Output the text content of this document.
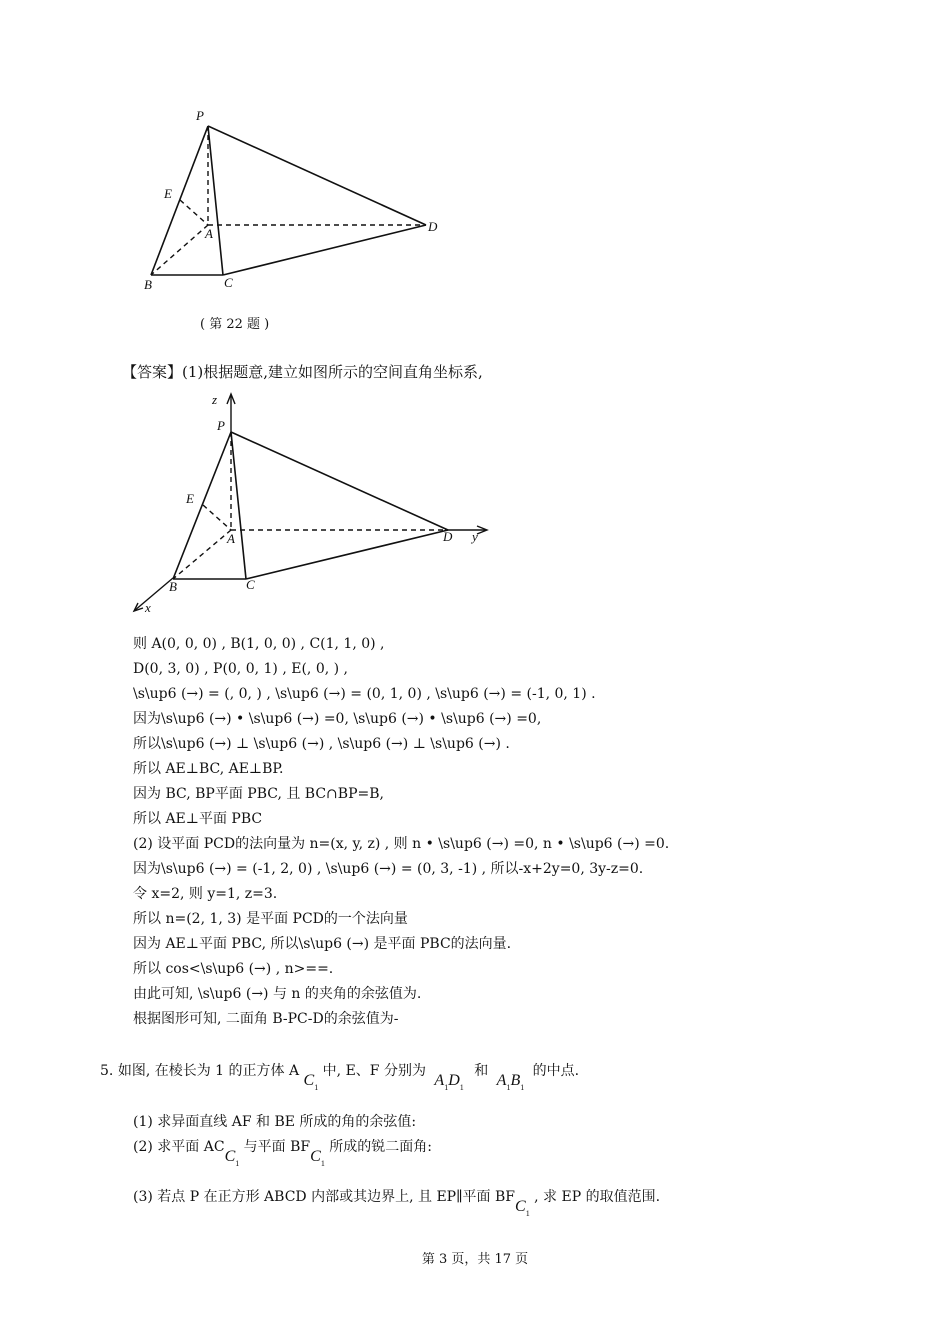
P
E
A	D
B	C
( 第 22 题 )
【答案】(1)根据题意,建立如图所示的空间直角坐标系,
z
P
E
A	D y
B	C
x
则 A(0, 0, 0) , B(1, 0, 0) , C(1, 1, 0) ,
D(0, 3, 0) , P(0, 0, 1) , E(, 0, ) ,
\s\up6 (→) = (, 0, ) , \s\up6 (→) = (0, 1, 0) , \s\up6 (→) = (-1, 0, 1) .
因为\s\up6 (→) • \s\up6 (→) =0, \s\up6 (→) • \s\up6 (→) =0,
所以\s\up6 (→) ⊥ \s\up6 (→) , \s\up6 (→) ⊥ \s\up6 (→) .
所以 AE⊥BC, AE⊥BP.
因为 BC, BP平面 PBC, 且 BC∩BP=B,
所以 AE⊥平面 PBC
(2) 设平面 PCD的法向量为 n=(x, y, z) , 则 n • \s\up6 (→) =0, n • \s\up6 (→) =0.
因为\s\up6 (→) = (-1, 2, 0) , \s\up6 (→) = (0, 3, -1) , 所以-x+2y=0, 3y-z=0.
令 x=2, 则 y=1, z=3.
所以 n=(2, 1, 3) 是平面 PCD的一个法向量
因为 AE⊥平面 PBC, 所以\s\up6 (→) 是平面 PBC的法向量.
所以 cos<\s\up6 (→) , n>==.
由此可知, \s\up6 (→) 与 n 的夹角的余弦值为.
根据图形可知, 二面角 B-PC-D的余弦值为-
5. 如图, 在棱长为 1 的正方体 A $C_1$ 中, E、F 分别为 $A_1D_1$ 和 $A_1B_1$ 的中点.
(1) 求异面直线 AF 和 BE 所成的角的余弦值:
(2) 求平面 $ACC_1$ 与平面 $BFC_1$ 所成的锐二面角:
(3) 若点 P 在正方形 ABCD 内部或其边界上, 且 EP∥平面 $BFC_1$ , 求 EP 的取值范围.
第 3 页，共 17 页
